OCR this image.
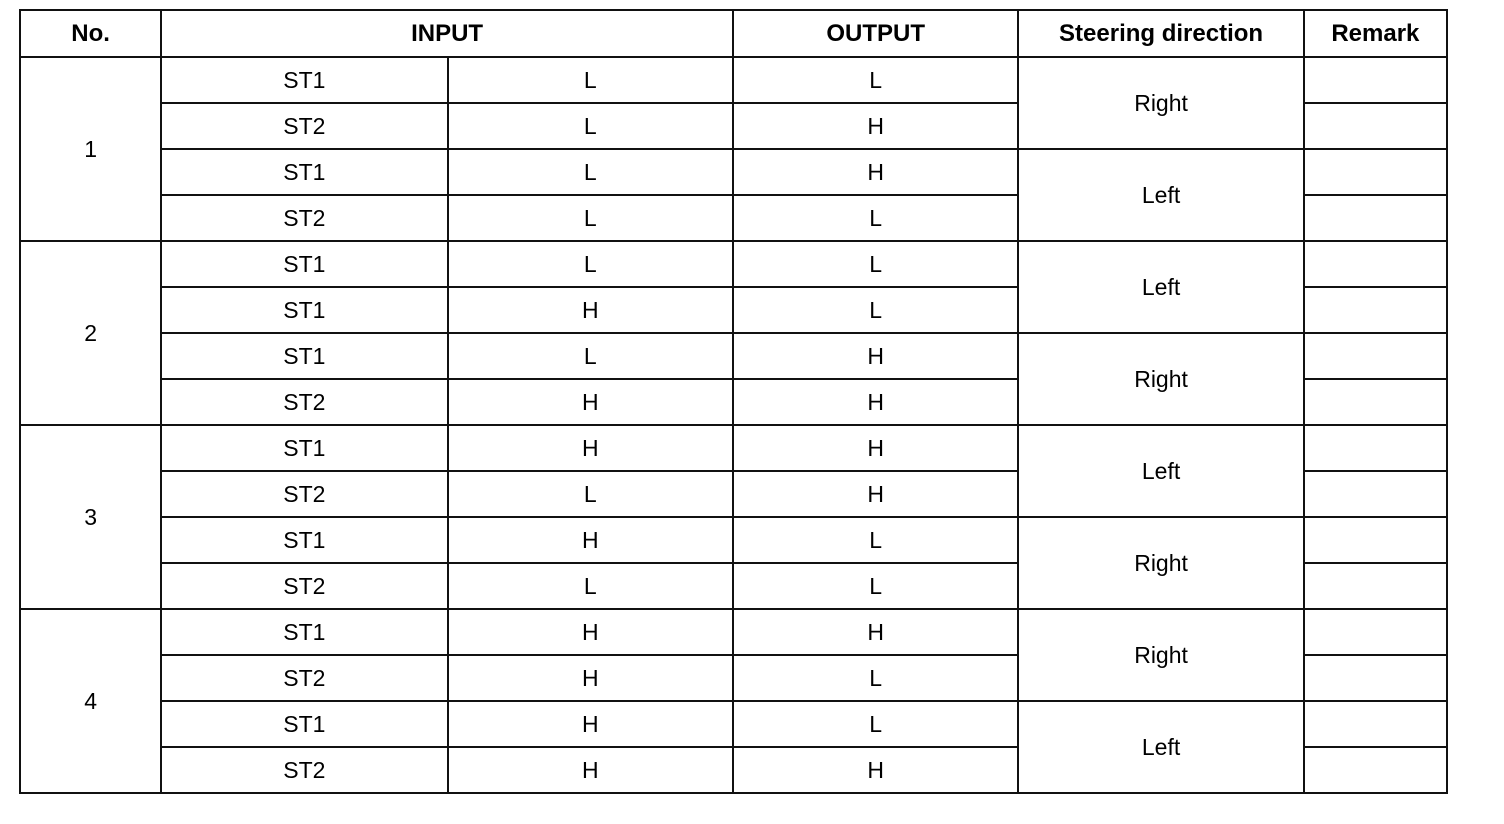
No.	INPUT		OUTPUT	Steering direction	Remark
1	ST1	L	L	Right	
	ST2	L	H		
	ST1	L	H	Left	
	ST2	L	L		
2	ST1	L	L	Left	
	ST1	H	L		
	ST1	L	H	Right	
	ST2	H	H		
3	ST1	H	H	Left	
	ST2	L	H		
	ST1	H	L	Right	
	ST2	L	L		
4	ST1	H	H	Right	
	ST2	H	L		
	ST1	H	L	Left	
	ST2	H	H		
